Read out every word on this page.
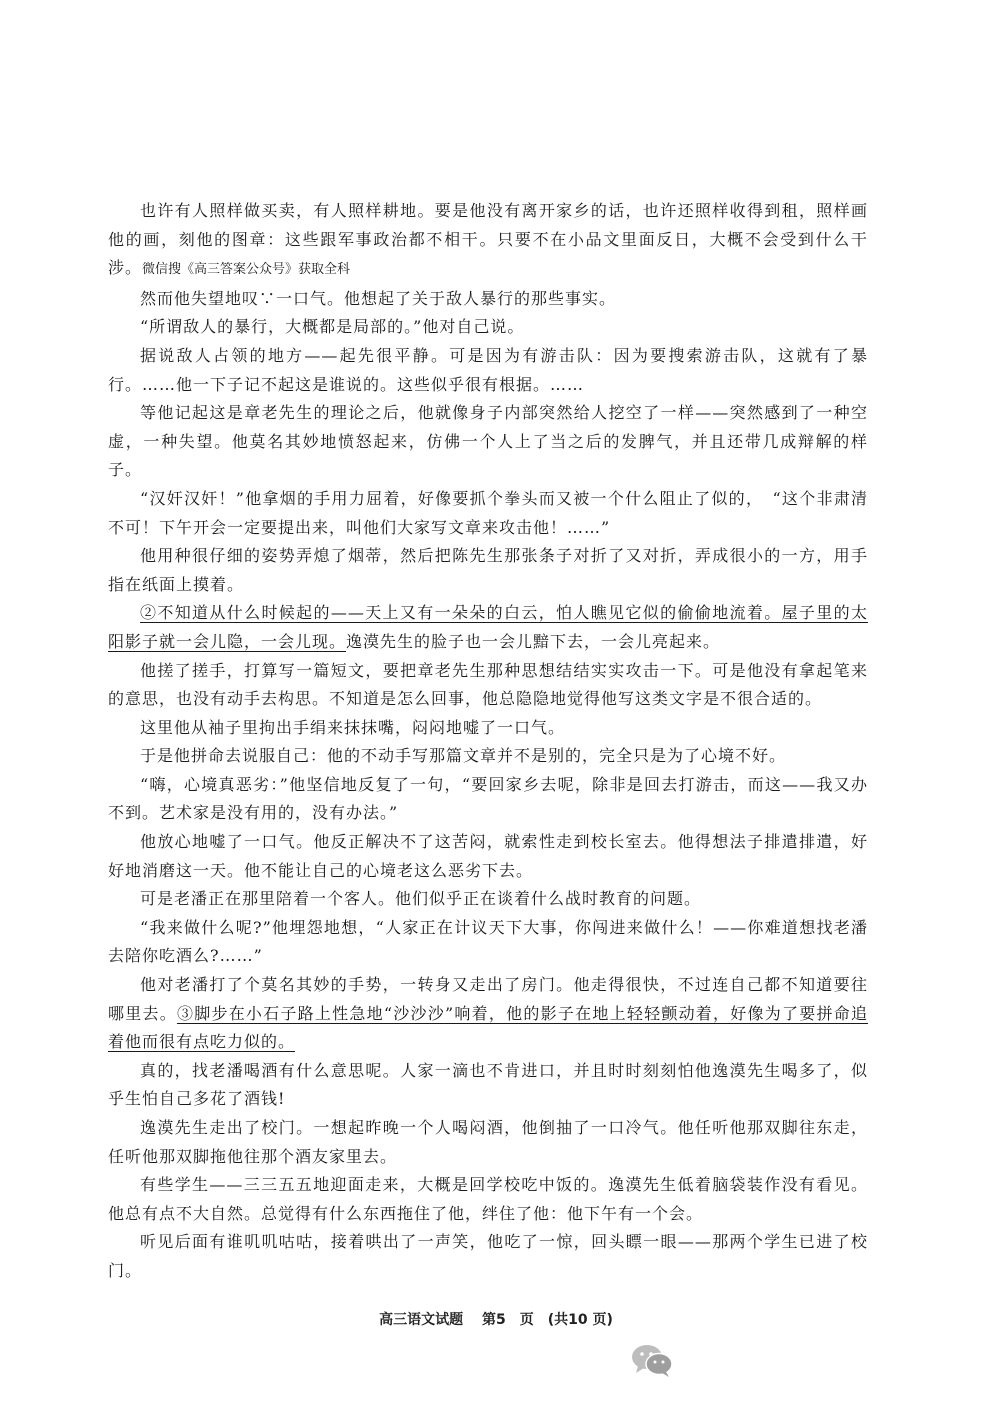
也许有人照样做买卖，有人照样耕地。要是他没有离开家乡的话，也许还照样收得到租，照样画他的画，刻他的图章：这些跟军事政治都不相干。只要不在小品文里面反日，大概不会受到什么干涉。微信搜《高三答案公众号》获取全科

然而他失望地叹∵一口气。他想起了关于敌人暴行的那些事实。

“所谓敌人的暴行，大概都是局部的。”他对自己说。

据说敌人占领的地方——起先很平静。可是因为有游击队：因为要搜索游击队，这就有了暴行。……他一下子记不起这是谁说的。这些似乎很有根据。……

等他记起这是章老先生的理论之后，他就像身子内部突然给人挖空了一样——突然感到了一种空虚，一种失望。他莫名其妙地愤怒起来，仿佛一个人上了当之后的发脾气，并且还带几成辩解的样子。

“汉奸汉奸！”他拿烟的手用力屈着，好像要抓个拳头而又被一个什么阻止了似的，　“这个非肃清不可！下午开会一定要提出来，叫他们大家写文章来攻击他！……”

他用种很仔细的姿势弄熄了烟蒂，然后把陈先生那张条子对折了又对折，弄成很小的一方，用手指在纸面上摸着。

②不知道从什么时候起的——天上又有一朵朵的白云，怕人瞧见它似的偷偷地流着。屋子里的太阳影子就一会儿隐，一会儿现。逸漠先生的脸子也一会儿黯下去，一会儿亮起来。

他搓了搓手，打算写一篇短文，要把章老先生那种思想结结实实攻击一下。可是他没有拿起笔来的意思，也没有动手去构思。不知道是怎么回事，他总隐隐地觉得他写这类文字是不很合适的。

这里他从袖子里拘出手绢来抹抹嘴，闷闷地嘘了一口气。

于是他拼命去说服自己：他的不动手写那篇文章并不是别的，完全只是为了心境不好。

“嗨，心境真恶劣：”他坚信地反复了一句，“要回家乡去呢，除非是回去打游击，而这——我又办不到。艺术家是没有用的，没有办法。”

他放心地嘘了一口气。他反正解决不了这苦闷，就索性走到校长室去。他得想法子排遣排遣，好好地消磨这一天。他不能让自己的心境老这么恶劣下去。

可是老潘正在那里陪着一个客人。他们似乎正在谈着什么战时教育的问题。

“我来做什么呢?”他埋怨地想，“人家正在计议天下大事，你闯进来做什么！——你难道想找老潘去陪你吃酒么?……”

他对老潘打了个莫名其妙的手势，一转身又走出了房门。他走得很快，不过连自己都不知道要往哪里去。③脚步在小石子路上性急地“沙沙沙”响着，他的影子在地上轻轻颤动着，好像为了要拼命追着他而很有点吃力似的。

真的，找老潘喝酒有什么意思呢。人家一滴也不肯进口，并且时时刻刻怕他逸漠先生喝多了，似乎生怕自己多花了酒钱!

逸漠先生走出了校门。一想起昨晚一个人喝闷酒，他倒抽了一口冷气。他任听他那双脚往东走，任听他那双脚拖他往那个酒友家里去。

有些学生——三三五五地迎面走来，大概是回学校吃中饭的。逸漠先生低着脑袋装作没有看见。他总有点不大自然。总觉得有什么东西拖住了他，绊住了他：他下午有一个会。

听见后面有谁叽叽咕咕，接着哄出了一声笑，他吃了一惊，回头瞟一眼——那两个学生已进了校门。

高三语文试题　 第5　页　(共10 页)
